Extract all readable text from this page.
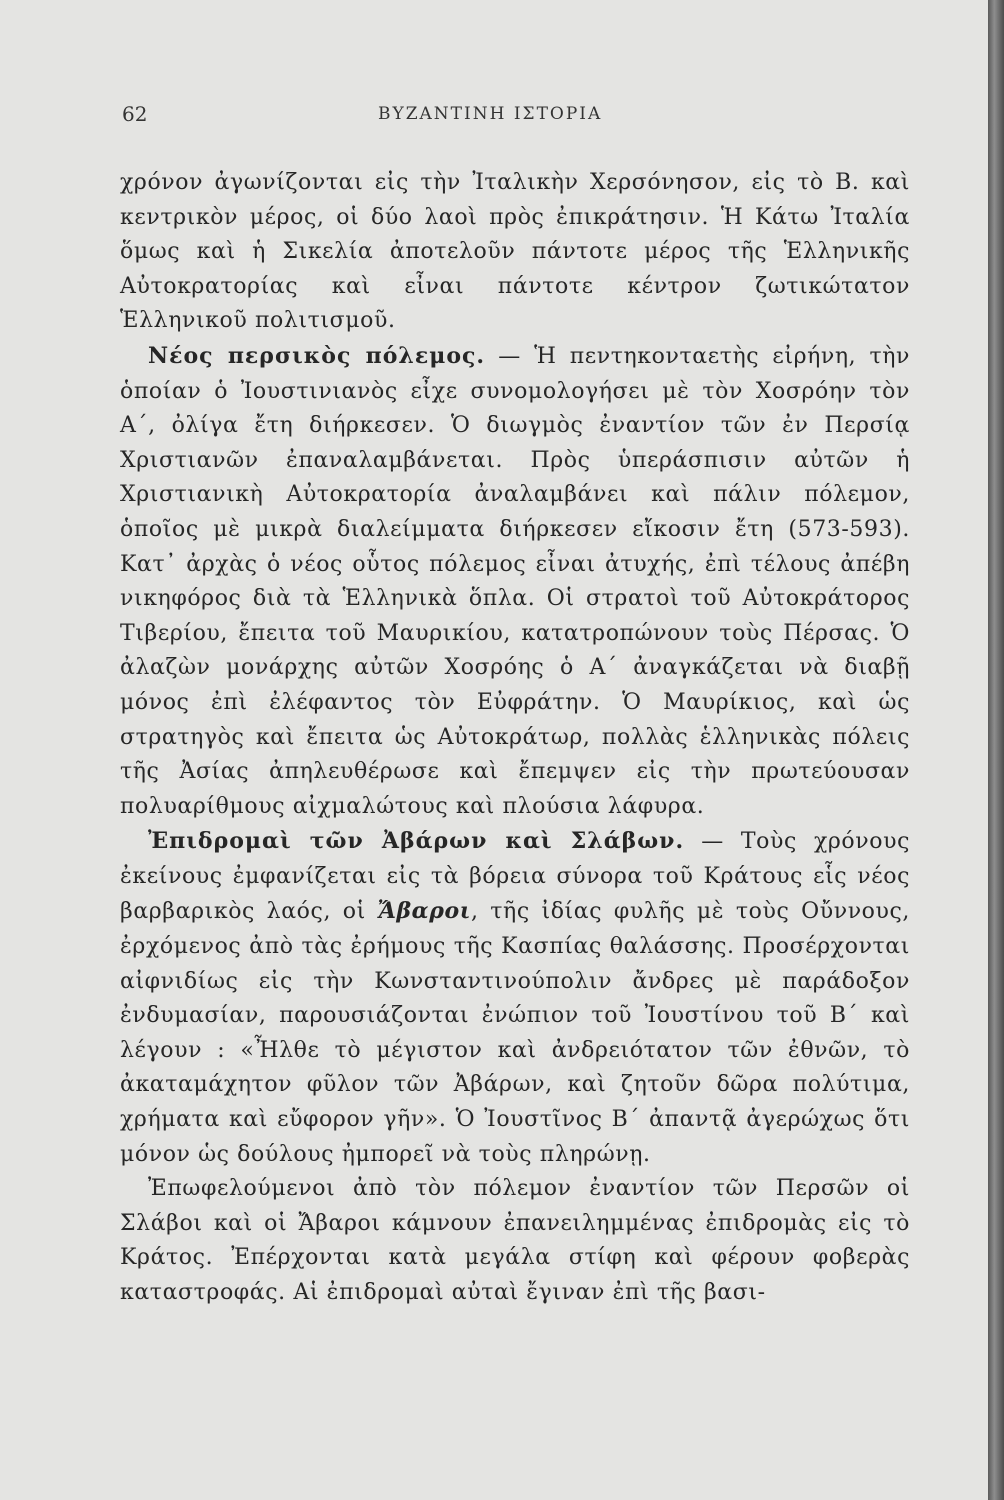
62	ΒΥΖΑΝΤΙΝΗ ΙΣΤΟΡΙΑ

χρόνον ἀγωνίζονται εἰς τὴν Ἰταλικὴν Χερσόνησον, εἰς τὸ Β. καὶ κεντρικὸν μέρος, οἱ δύο λαοὶ πρὸς ἐπικράτησιν. Ἡ Κάτω Ἰταλία ὅμως καὶ ἡ Σικελία ἀποτελοῦν πάντοτε μέρος τῆς Ἑλληνικῆς Αὐτοκρατορίας καὶ εἶναι πάντοτε κέντρον ζωτικώτατον Ἑλληνικοῦ πολιτισμοῦ.

Νέος περσικὸς πόλεμος. — Ἡ πεντηκονταετὴς εἰρήνη, τὴν ὁποίαν ὁ Ἰουστινιανὸς εἶχε συνομολογήσει μὲ τὸν Χοσρόην τὸν Α΄, ὀλίγα ἔτη διήρκεσεν. Ὁ διωγμὸς ἐναντίον τῶν ἐν Περσίᾳ Χριστιανῶν ἐπαναλαμβάνεται. Πρὸς ὑπεράσπισιν αὐτῶν ἡ Χριστιανικὴ Αὐτοκρατορία ἀναλαμβάνει καὶ πάλιν πόλεμον, ὁποῖος μὲ μικρὰ διαλείμματα διήρκεσεν εἴκοσιν ἔτη (573-593). Κατ᾽ ἀρχὰς ὁ νέος οὗτος πόλεμος εἶναι ἀτυχής, ἐπὶ τέλους ἀπέβη νικηφόρος διὰ τὰ Ἑλληνικὰ ὅπλα. Οἱ στρατοὶ τοῦ Αὐτοκράτορος Τιβερίου, ἔπειτα τοῦ Μαυρικίου, κατατροπώνουν τοὺς Πέρσας. Ὁ ἀλαζὼν μονάρχης αὐτῶν Χοσρόης ὁ Α΄ ἀναγκάζεται νὰ διαβῇ μόνος ἐπὶ ἐλέφαντος τὸν Εὐφράτην. Ὁ Μαυρίκιος, καὶ ὡς στρατηγὸς καὶ ἔπειτα ὡς Αὐτοκράτωρ, πολλὰς ἑλληνικὰς πόλεις τῆς Ἀσίας ἀπηλευθέρωσε καὶ ἔπεμψεν εἰς τὴν πρωτεύουσαν πολυαρίθμους αἰχμαλώτους καὶ πλούσια λάφυρα.

Ἐπιδρομαὶ τῶν Ἀβάρων καὶ Σλάβων. — Τοὺς χρόνους ἐκείνους ἐμφανίζεται εἰς τὰ βόρεια σύνορα τοῦ Κράτους εἷς νέος βαρβαρικὸς λαός, οἱ Ἄβαροι, τῆς ἰδίας φυλῆς μὲ τοὺς Οὔννους, ἐρχόμενος ἀπὸ τὰς ἐρήμους τῆς Κασπίας θαλάσσης. Προσέρχονται αἰφνιδίως εἰς τὴν Κωνσταντινούπολιν ἄνδρες μὲ παράδοξον ἐνδυμασίαν, παρουσιάζονται ἐνώπιον τοῦ Ἰουστίνου τοῦ Β΄ καὶ λέγουν : «Ἦλθε τὸ μέγιστον καὶ ἀνδρειότατον τῶν ἐθνῶν, τὸ ἀκαταμάχητον φῦλον τῶν Ἀβάρων, καὶ ζητοῦν δῶρα πολύτιμα, χρήματα καὶ εὔφορον γῆν». Ὁ Ἰουστῖνος Β΄ ἀπαντᾷ ἀγερώχως ὅτι μόνον ὡς δούλους ἠμπορεῖ νὰ τοὺς πληρώνῃ.

Ἐπωφελούμενοι ἀπὸ τὸν πόλεμον ἐναντίον τῶν Περσῶν οἱ Σλάβοι καὶ οἱ Ἄβαροι κάμνουν ἐπανειλημμένας ἐπιδρομὰς εἰς τὸ Κράτος. Ἐπέρχονται κατὰ μεγάλα στίφη καὶ φέρουν φοβερὰς καταστροφάς. Αἱ ἐπιδρομαὶ αὐταὶ ἔγιναν ἐπὶ τῆς βασι-
